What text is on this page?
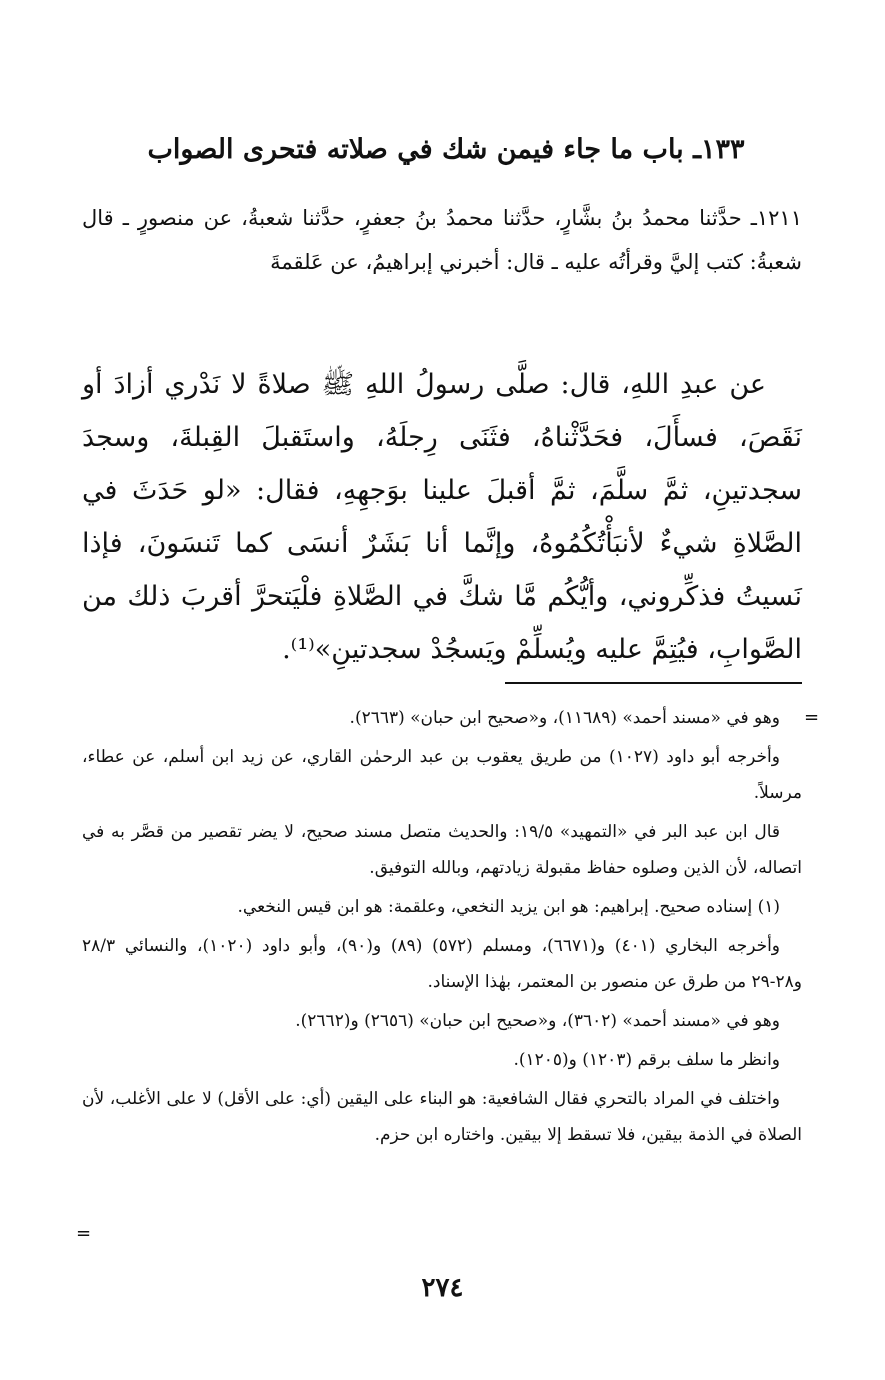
١٣٣ـ باب ما جاء فيمن شك في صلاته فتحرى الصواب

١٢١١ـ حدَّثنا محمدُ بنُ بشَّارٍ، حدَّثنا محمدُ بنُ جعفرٍ، حدَّثنا شعبةُ، عن منصورٍ ـ قال شعبةُ: كتب إليَّ وقرأتُه عليه ـ قال: أخبرني إبراهيمُ، عن عَلقمةَ

عن عبدِ اللهِ، قال: صلَّى رسولُ اللهِ ﷺ صلاةً لا نَدْري أزادَ أو نَقَصَ، فسأَلَ، فحَدَّثْناهُ، فثَنَى رِجلَهُ، واستَقبلَ القِبلةَ، وسجدَ سجدتينِ، ثمَّ سلَّمَ، ثمَّ أقبلَ علينا بوَجهِهِ، فقال: «لو حَدَثَ في الصَّلاةِ شيءٌ لأنبَأْتُكُمُوهُ، وإنَّما أنا بَشَرٌ أنسَى كما تَنسَونَ، فإذا نَسيتُ فذكِّروني، وأيُّكُم مَّا شكَّ في الصَّلاةِ فلْيَتحرَّ أقربَ ذلك من الصَّوابِ، فيُتِمَّ عليه ويُسلِّمْ ويَسجُدْ سجدتينِ»⁽¹⁾.

=

وهو في «مسند أحمد» (١١٦٨٩)، و«صحيح ابن حبان» (٢٦٦٣).

وأخرجه أبو داود (١٠٢٧) من طريق يعقوب بن عبد الرحمٰن القاري، عن زيد ابن أسلم، عن عطاء، مرسلاً.

قال ابن عبد البر في «التمهيد» ١٩/٥: والحديث متصل مسند صحيح، لا يضر تقصير من قصَّر به في اتصاله، لأن الذين وصلوه حفاظ مقبولة زيادتهم، وبالله التوفيق.

(١) إسناده صحيح. إبراهيم: هو ابن يزيد النخعي، وعلقمة: هو ابن قيس النخعي.

وأخرجه البخاري (٤٠١) و(٦٦٧١)، ومسلم (٥٧٢) (٨٩) و(٩٠)، وأبو داود (١٠٢٠)، والنسائي ٢٨/٣ و٢٨-٢٩ من طرق عن منصور بن المعتمر، بهٰذا الإسناد.

وهو في «مسند أحمد» (٣٦٠٢)، و«صحيح ابن حبان» (٢٦٥٦) و(٢٦٦٢).

وانظر ما سلف برقم (١٢٠٣) و(١٢٠٥).

واختلف في المراد بالتحري فقال الشافعية: هو البناء على اليقين (أي: على الأقل) لا على الأغلب، لأن الصلاة في الذمة بيقين، فلا تسقط إلا بيقين. واختاره ابن حزم.

=
٢٧٤
